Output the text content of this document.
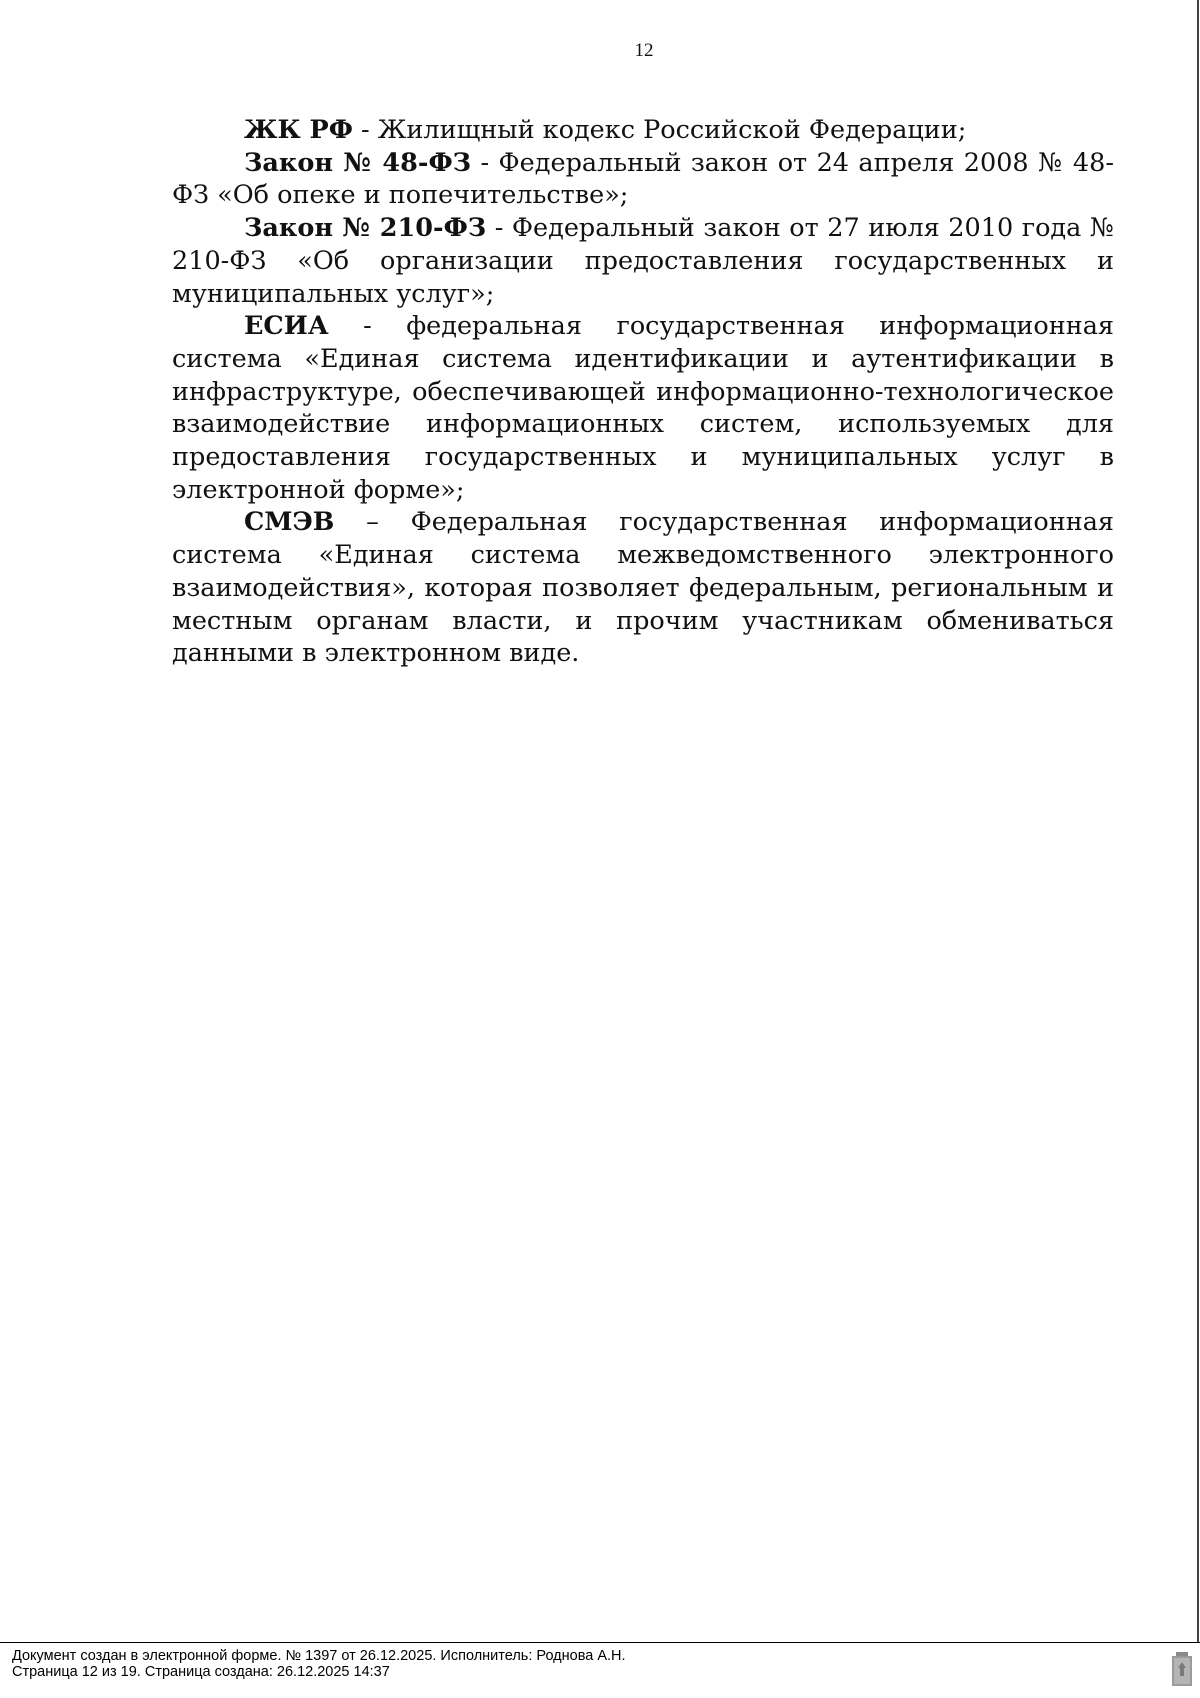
12

ЖК РФ - Жилищный кодекс Российской Федерации;

Закон № 48-ФЗ - Федеральный закон от 24 апреля 2008 № 48-ФЗ «Об опеке и попечительстве»;

Закон № 210-ФЗ - Федеральный закон от 27 июля 2010 года № 210-ФЗ «Об организации предоставления государственных и муниципальных услуг»;

ЕСИА - федеральная государственная информационная система «Единая система идентификации и аутентификации в инфраструктуре, обеспечивающей информационно-технологическое взаимодействие информационных систем, используемых для предоставления государственных и муниципальных услуг в электронной форме»;

СМЭВ – Федеральная государственная информационная система «Единая система межведомственного электронного взаимодействия», которая позволяет федеральным, региональным и местным органам власти, и прочим участникам обмениваться данными в электронном виде.

Документ создан в электронной форме. № 1397 от 26.12.2025. Исполнитель: Роднова А.Н.
Страница 12 из 19. Страница создана: 26.12.2025 14:37
